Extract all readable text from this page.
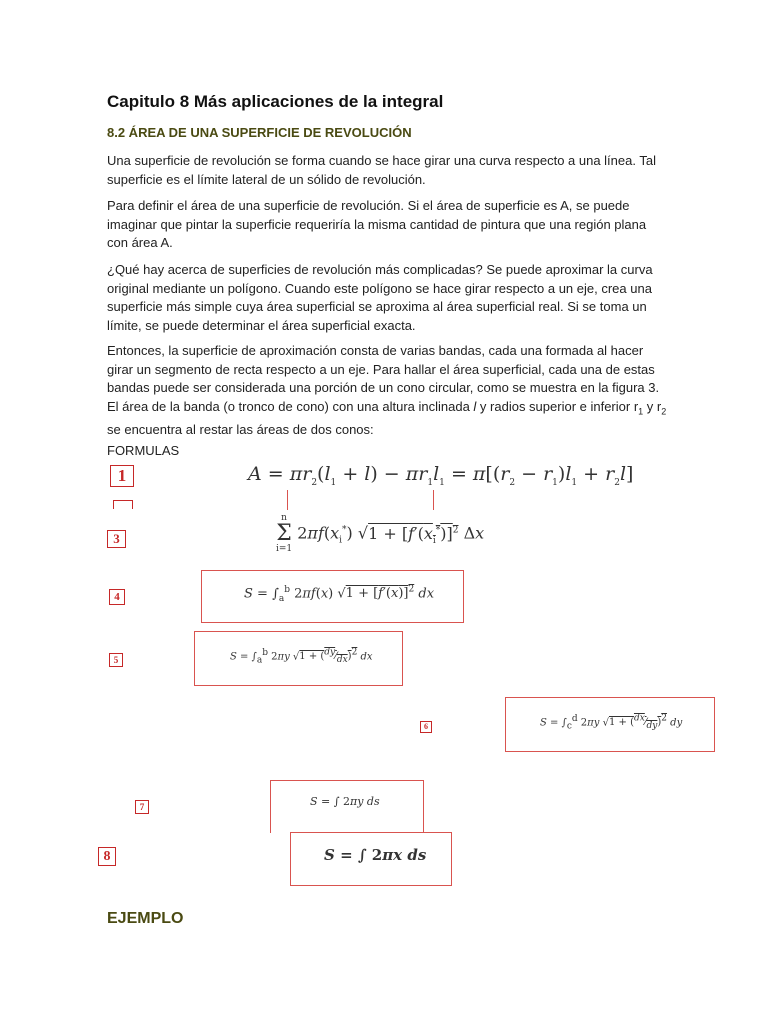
Capitulo 8 Más aplicaciones de la integral
8.2 ÁREA DE UNA SUPERFICIE DE REVOLUCIÓN
Una superficie de revolución se forma cuando se hace girar una curva respecto a una línea. Tal superficie es el límite lateral de un sólido de revolución.
Para definir el área de una superficie de revolución. Si el área de superficie es A, se puede imaginar que pintar la superficie requeriría la misma cantidad de pintura que una región plana con área A.
¿Qué hay acerca de superficies de revolución más complicadas? Se puede aproximar la curva original mediante un polígono. Cuando este polígono se hace girar respecto a un eje, crea una superficie más simple cuya área superficial se aproxima al área superficial real. Si se toma un límite, se puede determinar el área superficial exacta.
Entonces, la superficie de aproximación consta de varias bandas, cada una formada al hacer girar un segmento de recta respecto a un eje. Para hallar el área superficial, cada una de estas bandas puede ser considerada una porción de un cono circular, como se muestra en la figura 3. El área de la banda (o tronco de cono) con una altura inclinada l y radios superior e inferior $r_1$ y $r_2$ se encuentra al restar las áreas de dos conos:
FORMULAS
1	$A = \pi r_2(l_1 + l) - \pi r_1l_1 = \pi[(r_2 - r_1)l_1 + r_2l]$
3
n
Σ
i=1
$2\pi f(x_i^*) √1 + [f'(x_i^*)]^2$ Δx
4	$S = \int_a^b$ 2πf(x) $√1 + [f'(x)]^2$ dx
5	$S = \int_a^b$ 2πy $√1 + (^{dy}⁄_{dx})^2$ dx
6	$S = \int_c^d$ 2πy $√1 + (^{dx}⁄_{dy})^2$ dy
7	S = ∫ 2πy ds
8	S = ∫ 2πx ds
EJEMPLO
